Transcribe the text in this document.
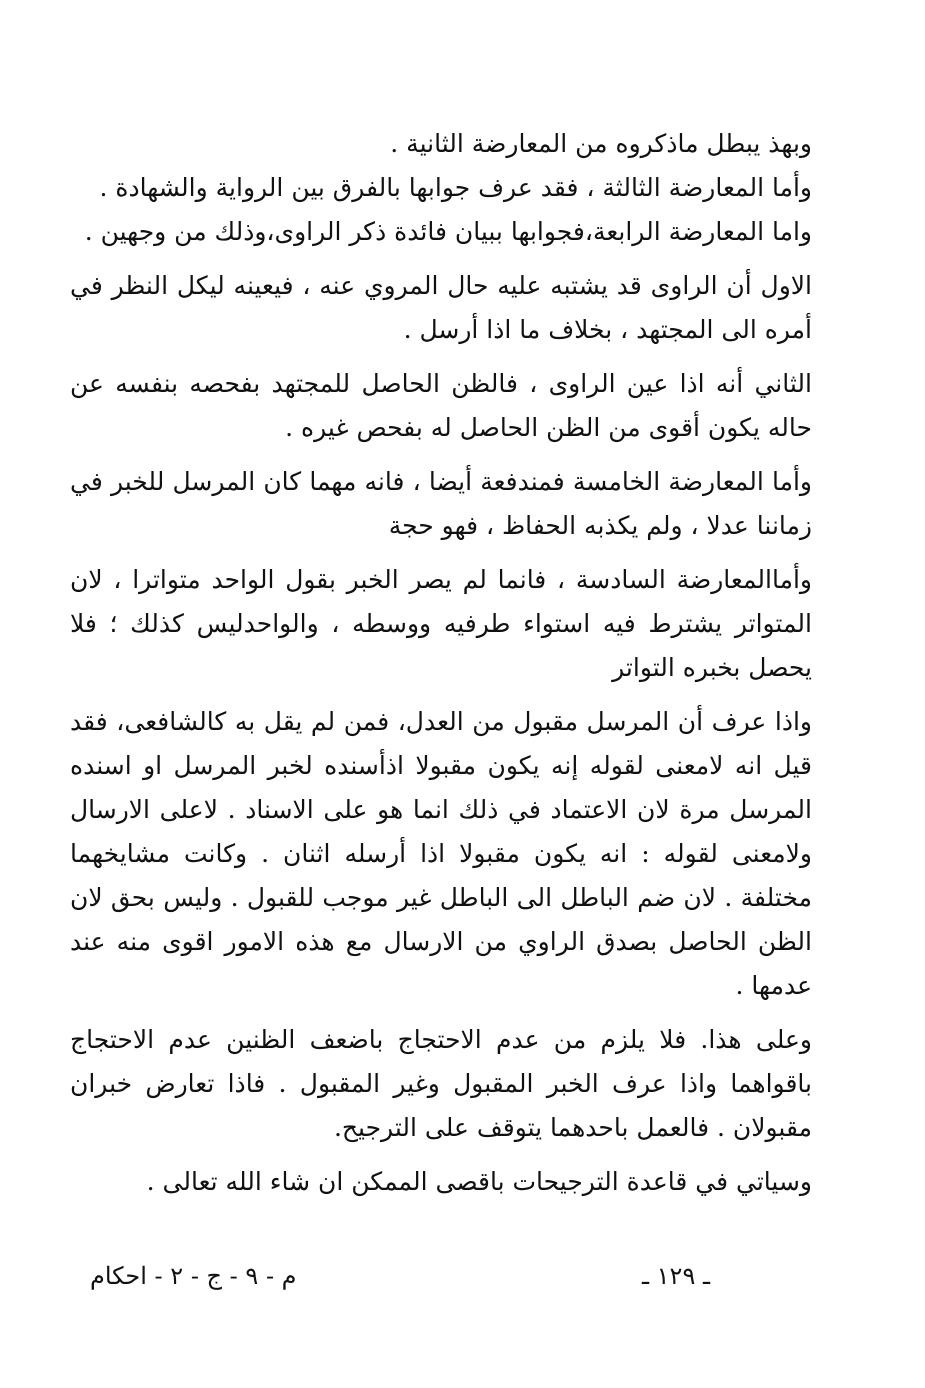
وبهذ يبطل ماذكروه من المعارضة الثانية .

وأما المعارضة الثالثة ، فقد عرف جوابها بالفرق بين الرواية والشهادة .

واما المعارضة الرابعة،فجوابها ببيان فائدة ذكر الراوى،وذلك من وجهين .

الاول أن الراوى قد يشتبه عليه حال المروي عنه ، فيعينه ليكل النظر في أمره الى المجتهد ، بخلاف ما اذا أرسل .

الثاني أنه اذا عين الراوى ، فالظن الحاصل للمجتهد بفحصه بنفسه عن حاله يكون أقوى من الظن الحاصل له بفحص غيره .

وأما المعارضة الخامسة فمندفعة أيضا ، فانه مهما كان المرسل للخبر في زماننا عدلا ، ولم يكذبه الحفاظ ، فهو حجة

وأماالمعارضة السادسة ، فانما لم يصر الخبر بقول الواحد متواترا ، لان المتواتر يشترط فيه استواء طرفيه ووسطه ، والواحدليس كذلك ؛ فلا يحصل بخبره التواتر

واذا عرف أن المرسل مقبول من العدل، فمن لم يقل به كالشافعى، فقد قيل انه لامعنى لقوله إنه يكون مقبولا اذأسنده لخبر المرسل او اسنده المرسل مرة لان الاعتماد في ذلك انما هو على الاسناد . لاعلى الارسال ولامعنى لقوله : انه يكون مقبولا اذا أرسله اثنان . وكانت مشايخهما مختلفة . لان ضم الباطل الى الباطل غير موجب للقبول . وليس بحق لان الظن الحاصل بصدق الراوي من الارسال مع هذه الامور اقوى منه عند عدمها .

وعلى هذا. فلا يلزم من عدم الاحتجاج باضعف الظنين عدم الاحتجاج باقواهما واذا عرف الخبر المقبول وغير المقبول . فاذا تعارض خبران مقبولان . فالعمل باحدهما يتوقف على الترجيح.

وسياتي في قاعدة الترجيحات باقصى الممكن ان شاء الله تعالى .

ـ ١٢٩ ـ
م - ٩ - ج - ٢ - احكام
